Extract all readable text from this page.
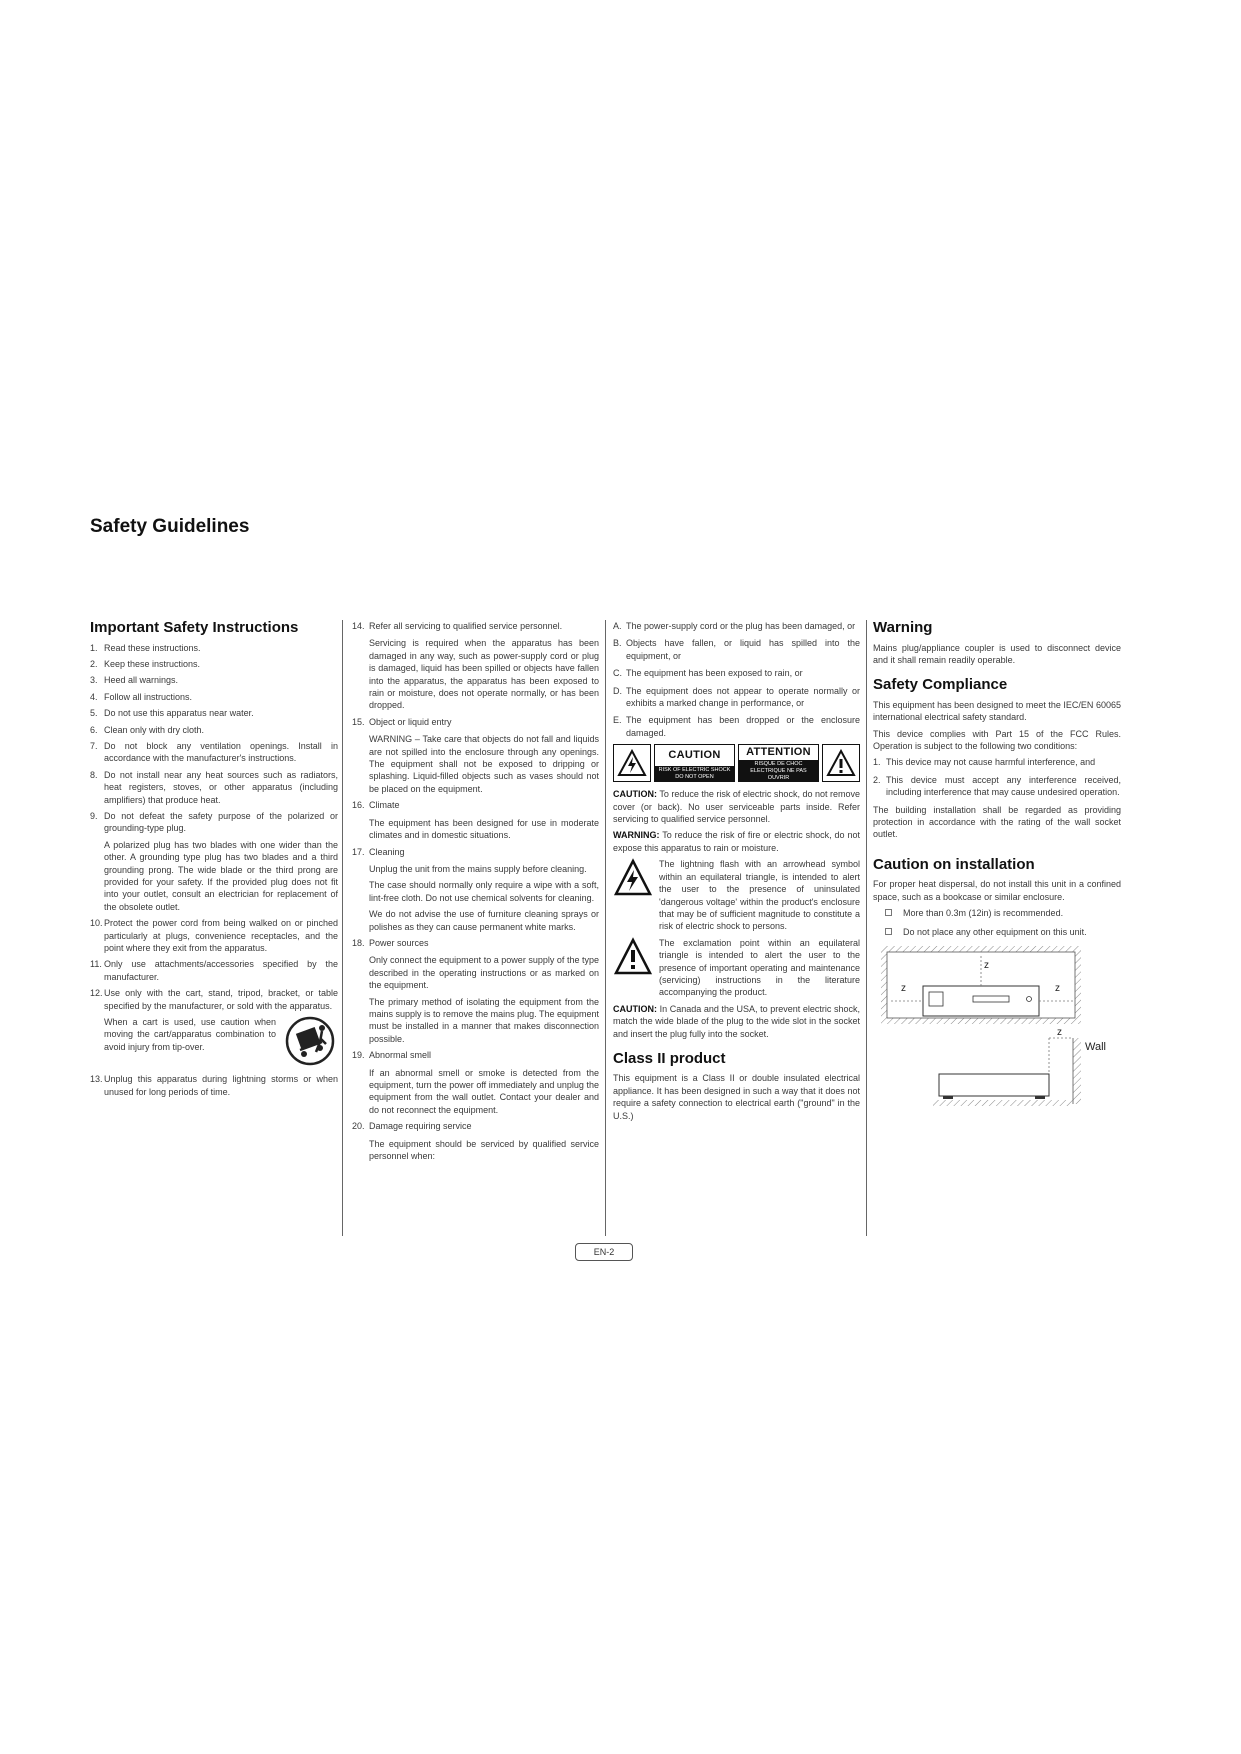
Safety Guidelines
Important Safety Instructions
1. Read these instructions.
2. Keep these instructions.
3. Heed all warnings.
4. Follow all instructions.
5. Do not use this apparatus near water.
6. Clean only with dry cloth.
7. Do not block any ventilation openings. Install in accordance with the manufacturer's instructions.
8. Do not install near any heat sources such as radiators, heat registers, stoves, or other apparatus (including amplifiers) that produce heat.
9. Do not defeat the safety purpose of the polarized or grounding-type plug.

A polarized plug has two blades with one wider than the other. A grounding type plug has two blades and a third grounding prong. The wide blade or the third prong are provided for your safety. If the provided plug does not fit into your outlet, consult an electrician for replacement of the obsolete outlet.

10. Protect the power cord from being walked on or pinched particularly at plugs, convenience receptacles, and the point where they exit from the apparatus.
11. Only use attachments/accessories specified by the manufacturer.
12. Use only with the cart, stand, tripod, bracket, or table specified by the manufacturer, or sold with the apparatus.

When a cart is used, use caution when moving the cart/apparatus combination to avoid injury from tip-over.

13. Unplug this apparatus during lightning storms or when unused for long periods of time.
14. Refer all servicing to qualified service personnel.

Servicing is required when the apparatus has been damaged in any way, such as power-supply cord or plug is damaged, liquid has been spilled or objects have fallen into the apparatus, the apparatus has been exposed to rain or moisture, does not operate normally, or has been dropped.

15. Object or liquid entry

WARNING – Take care that objects do not fall and liquids are not spilled into the enclosure through any openings. The equipment shall not be exposed to dripping or splashing. Liquid-filled objects such as vases should not be placed on the equipment.

16. Climate

The equipment has been designed for use in moderate climates and in domestic situations.

17. Cleaning

Unplug the unit from the mains supply before cleaning.

The case should normally only require a wipe with a soft, lint-free cloth. Do not use chemical solvents for cleaning.

We do not advise the use of furniture cleaning sprays or polishes as they can cause permanent white marks.

18. Power sources

Only connect the equipment to a power supply of the type described in the operating instructions or as marked on the equipment.

The primary method of isolating the equipment from the mains supply is to remove the mains plug. The equipment must be installed in a manner that makes disconnection possible.

19. Abnormal smell

If an abnormal smell or smoke is detected from the equipment, turn the power off immediately and unplug the equipment from the wall outlet. Contact your dealer and do not reconnect the equipment.

20. Damage requiring service

The equipment should be serviced by qualified service personnel when:

A. The power-supply cord or the plug has been damaged, or
B. Objects have fallen, or liquid has spilled into the equipment, or
C. The equipment has been exposed to rain, or
D. The equipment does not appear to operate normally or exhibits a marked change in performance, or
E. The equipment has been dropped or the enclosure damaged.
CAUTION
RISK OF ELECTRIC SHOCK DO NOT OPEN
ATTENTION
RISQUE DE CHOC ELECTRIQUE NE PAS OUVRIR

CAUTION: To reduce the risk of electric shock, do not remove cover (or back). No user serviceable parts inside. Refer servicing to qualified service personnel.

WARNING: To reduce the risk of fire or electric shock, do not expose this apparatus to rain or moisture.

The lightning flash with an arrowhead symbol within an equilateral triangle, is intended to alert the user to the presence of uninsulated 'dangerous voltage' within the product's enclosure that may be of sufficient magnitude to constitute a risk of electric shock to persons.

The exclamation point within an equilateral triangle is intended to alert the user to the presence of important operating and maintenance (servicing) instructions in the literature accompanying the product.

CAUTION: In Canada and the USA, to prevent electric shock, match the wide blade of the plug to the wide slot in the socket and insert the plug fully into the socket.

Class II product

This equipment is a Class II or double insulated electrical appliance. It has been designed in such a way that it does not require a safety connection to electrical earth ("ground" in the U.S.)

Warning

Mains plug/appliance coupler is used to disconnect device and it shall remain readily operable.

Safety Compliance

This equipment has been designed to meet the IEC/EN 60065 international electrical safety standard.

This device complies with Part 15 of the FCC Rules. Operation is subject to the following two conditions:

1. This device may not cause harmful interference, and
2. This device must accept any interference received, including interference that may cause undesired operation.

The building installation shall be regarded as providing protection in accordance with the rating of the wall socket outlet.

Caution on installation

For proper heat dispersal, do not install this unit in a confined space, such as a bookcase or similar enclosure.

More than 0.3m (12in) is recommended.
Do not place any other equipment on this unit.
z
z	z
z
Wall
EN-2
